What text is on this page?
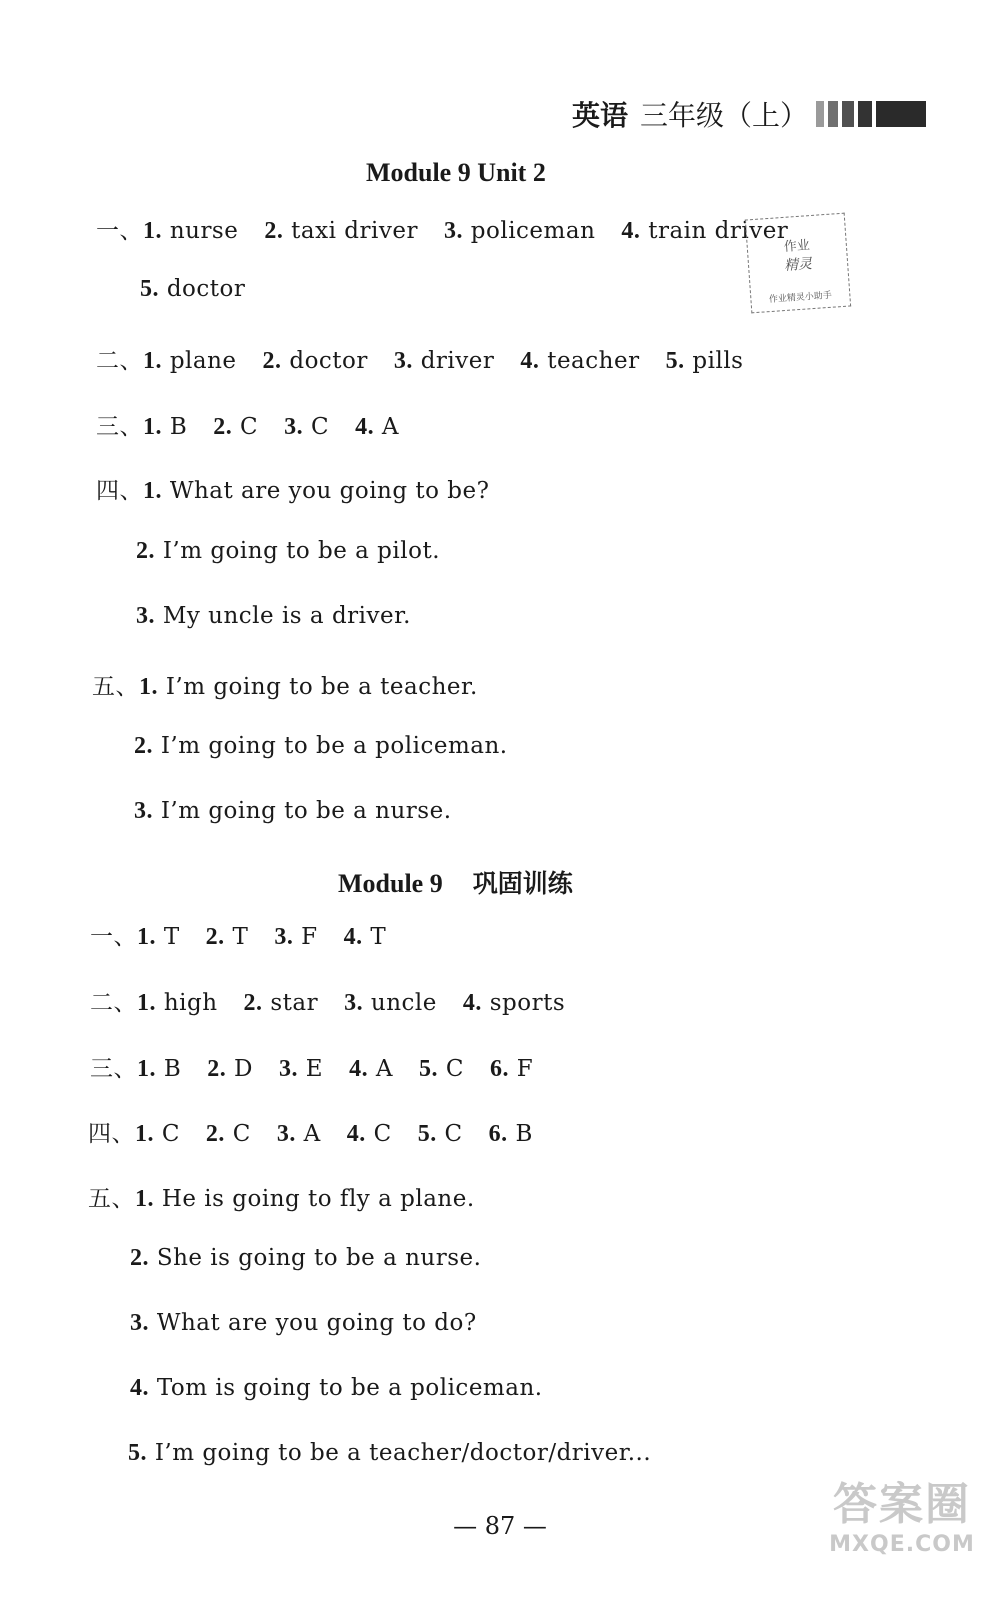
英语 三年级（上）
Module 9 Unit 2
一、1. nurse 2. taxi driver 3. policeman 4. train driver
5. doctor
作业
精灵
作业精灵小助手
二、1. plane 2. doctor 3. driver 4. teacher 5. pills
三、1. B 2. C 3. C 4. A
四、1. What are you going to be?
2. I’m going to be a pilot.
3. My uncle is a driver.
五、1. I’m going to be a teacher.
2. I’m going to be a policeman.
3. I’m going to be a nurse.
Module 9 巩固训练
一、1. T 2. T 3. F 4. T
二、1. high 2. star 3. uncle 4. sports
三、1. B 2. D 3. E 4. A 5. C 6. F
四、1. C 2. C 3. A 4. C 5. C 6. B
五、1. He is going to fly a plane.
2. She is going to be a nurse.
3. What are you going to do?
4. Tom is going to be a policeman.
5. I’m going to be a teacher/doctor/driver...
— 87 —	答案圈
MXQE.COM
